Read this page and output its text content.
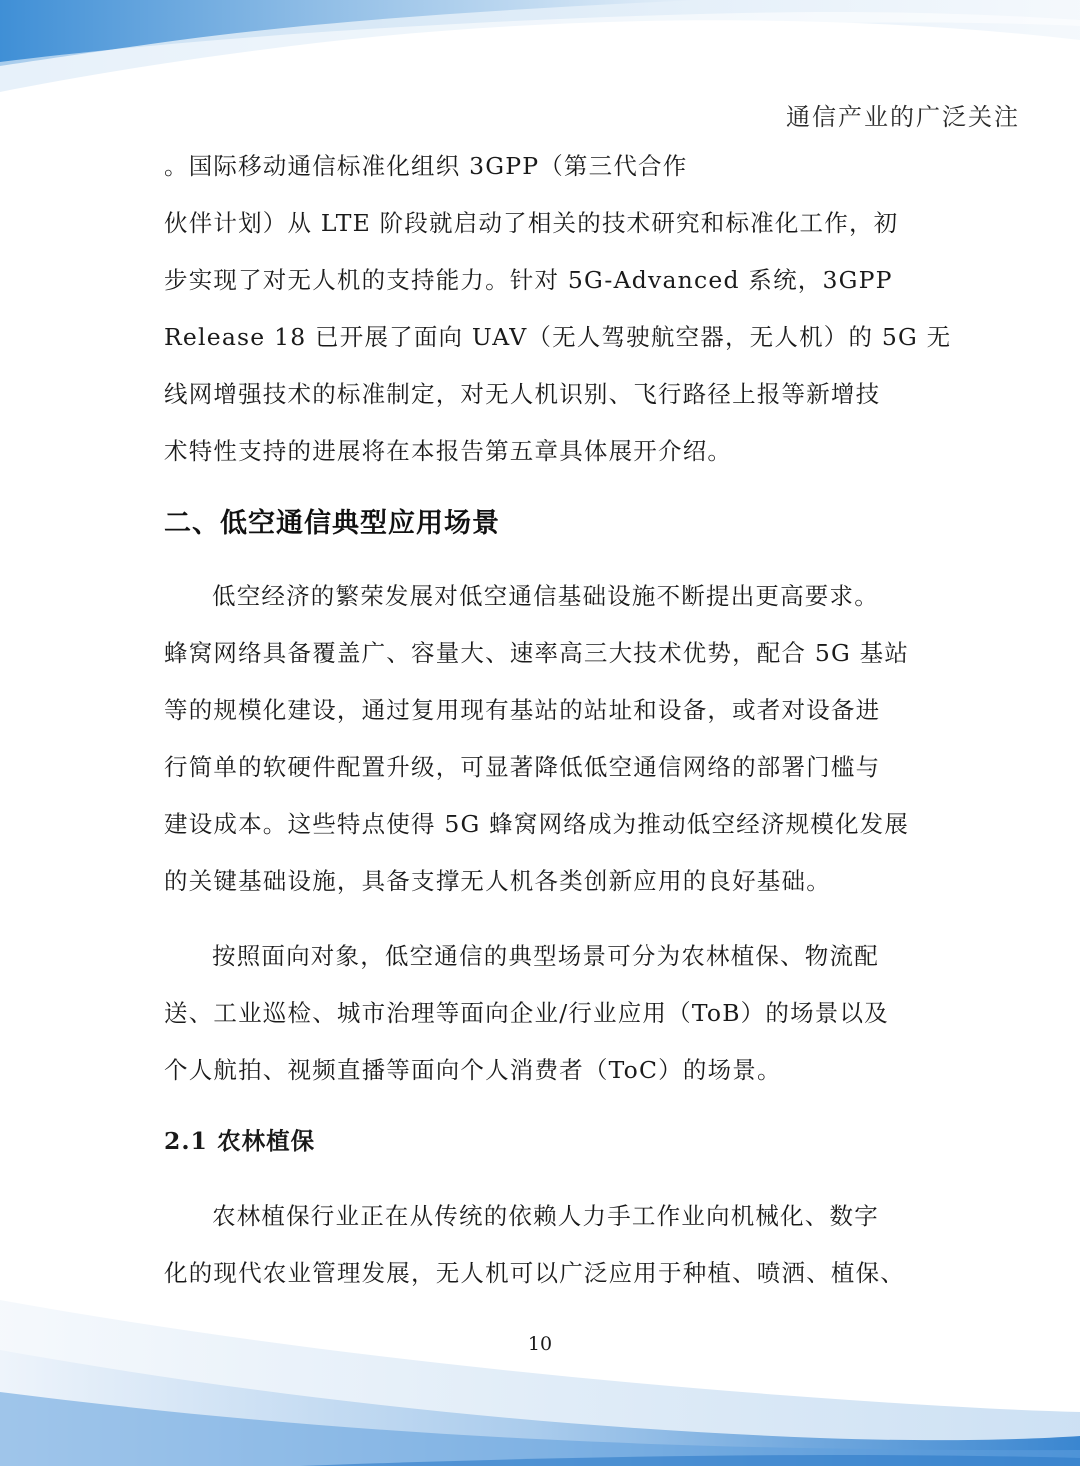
通信产业的广泛关注

。国际移动通信标准化组织 3GPP（第三代合作
伙伴计划）从 LTE 阶段就启动了相关的技术研究和标准化工作，初
步实现了对无人机的支持能力。针对 5G-Advanced 系统，3GPP
Release 18 已开展了面向 UAV（无人驾驶航空器，无人机）的 5G 无
线网增强技术的标准制定，对无人机识别、飞行路径上报等新增技
术特性支持的进展将在本报告第五章具体展开介绍。

二、低空通信典型应用场景

低空经济的繁荣发展对低空通信基础设施不断提出更高要求。
蜂窝网络具备覆盖广、容量大、速率高三大技术优势，配合 5G 基站
等的规模化建设，通过复用现有基站的站址和设备，或者对设备进
行简单的软硬件配置升级，可显著降低低空通信网络的部署门槛与
建设成本。这些特点使得 5G 蜂窝网络成为推动低空经济规模化发展
的关键基础设施，具备支撑无人机各类创新应用的良好基础。

按照面向对象，低空通信的典型场景可分为农林植保、物流配
送、工业巡检、城市治理等面向企业/行业应用（ToB）的场景以及
个人航拍、视频直播等面向个人消费者（ToC）的场景。

2.1 农林植保

农林植保行业正在从传统的依赖人力手工作业向机械化、数字
化的现代农业管理发展，无人机可以广泛应用于种植、喷洒、植保、

10
